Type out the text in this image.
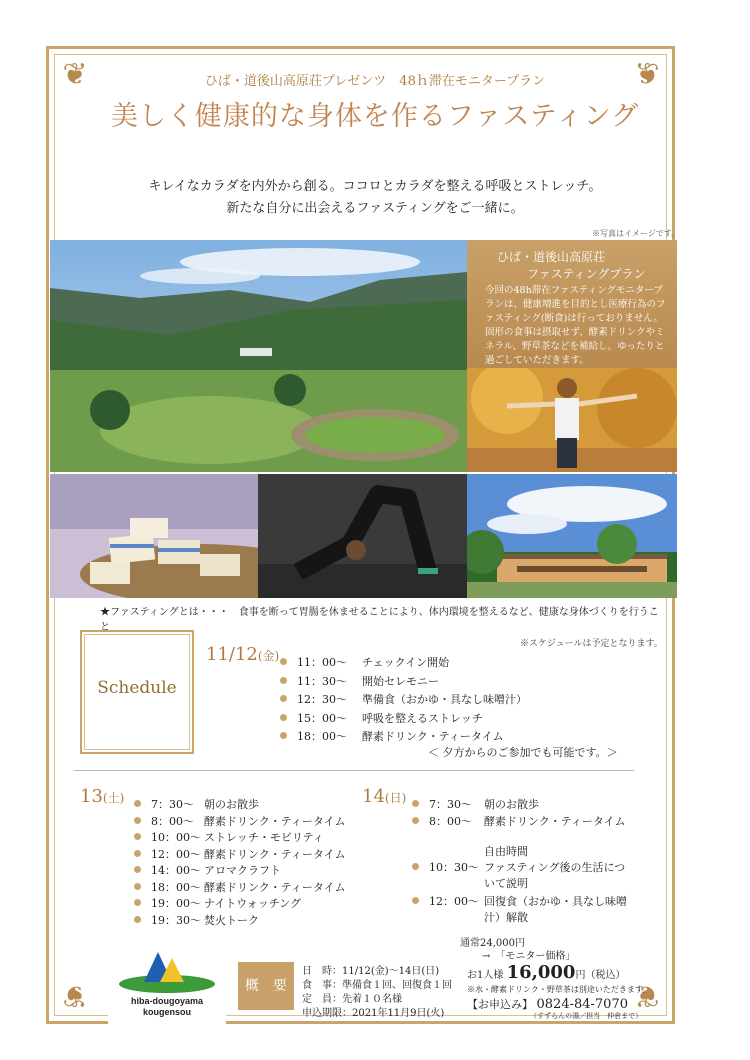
❦	❦
❦	❦
ひば・道後山高原荘プレゼンツ　48ｈ滞在モニタープラン
美しく健康的な身体を作るファスティング
キレイなカラダを内外から創る。ココロとカラダを整える呼吸とストレッチ。
新たな自分に出会えるファスティングをご一緒に。
※写真はイメージです。
ひば・道後山高原荘
ファスティングプラン
今回の48h滞在ファスティングモニタープランは、健康増進を目的とし医療行為のファスティング(断食)は行っておりません。固形の食事は摂取せず、酵素ドリンクやミネラル、野草茶などを補給し、ゆったりと過ごしていただきます。
★ファスティングとは・・・　食事を断って胃腸を休ませることにより、体内環境を整えるなど、健康な身体づくりを行うこと
Schedule
※スケジュールは予定となります。
11/12(金)	11：00～ チェックイン開始
11：30～ 開始セレモニー
12：30～ 準備食（おかゆ・具なし味噌汁）
15：00～ 呼吸を整えるストレッチ
18：00～ 酵素ドリンク・ティータイム
＜ 夕方からのご参加でも可能です。＞
13(土)	7：30～ 朝のお散歩
8：00～ 酵素ドリンク・ティータイム
10：00～ ストレッチ・モビリティ
12：00～ 酵素ドリンク・ティータイム
14：00～ アロマクラフト
18：00～ 酵素ドリンク・ティータイム
19：00～ ナイトウォッチング
19：30～ 焚火トーク
14(日)	7：30～ 朝のお散歩
8：00～ 酵素ドリンク・ティータイム
自由時間
10：30～ ファスティング後の生活について説明
12：00～ 回復食（おかゆ・具なし味噌汁）解散
hiba-dougoyama
kougensou
概　要
日　時：11/12(金)～14日(日)
食　事：準備食１回、回復食１回
定　員：先着１０名様
申込期限：2021年11月9日(火)
通常24,000円
→　 「モニター価格」
お1人様 16,000円（税込）
※水・酵素ドリンク・野草茶は別途いただきます。
【お申込み】 0824-84-7070
（すずらんの湯／担当　仲倉まで）
